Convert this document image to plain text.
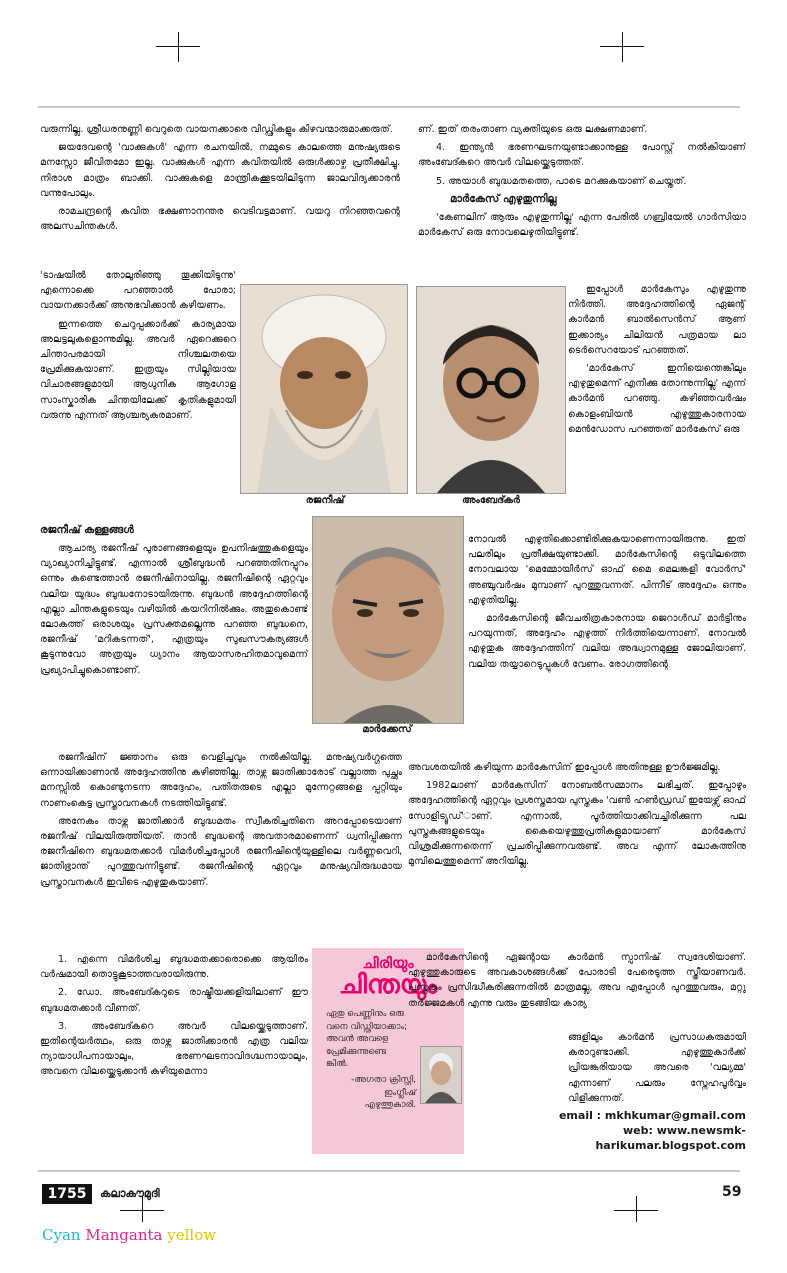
വരുന്നില്ല. ശ്രീധരനുണ്ണി വെറുതെ വായനക്കാരെ വിഡ്ഢികളും കിഴവന്മാരുമാക്കരുത്.

ജയദേവന്റെ 'വാക്കുകൾ' എന്ന രചനയിൽ, നമ്മുടെ കാലത്തെ മനുഷ്യരുടെ മനസ്സോ ജീവിതമോ ഇല്ല. വാക്കുകൾ എന്ന കവിതയിൽ ഒരുൾക്കാഴ്ച പ്രതീക്ഷിച്ചു. നിരാശ മാത്രം ബാക്കി. വാക്കുകളെ മാന്ത്രികക്കൂടയിലിടുന്ന ജാലവിദ്യക്കാരൻ വന്നുപോലും.

രാമചന്ദ്രന്റെ കവിത ഭക്ഷണാനന്തര വെടിവട്ടമാണ്. വയറു നിറഞ്ഞവന്റെ അലസചിന്തകൾ.

'ടാഷയിൽ തോലുരിഞ്ഞു തൂക്കിയിടുന്നു' എന്നൊക്കെ പറഞ്ഞാൽ പോരാ; വായനക്കാർക്ക് അനുഭവിക്കാൻ കഴിയണം.

ഇന്നത്തെ ചെറുപ്പക്കാർക്ക് കാര്യമായ അലട്ടലുകളൊന്നുമില്ല. അവർ ഏറെക്കുറെ ചിന്താപരമായി നിശ്ചലതയെ പ്രേമിക്കുകയാണ്. ഇത്രയും സില്ലിയായ വിചാരങ്ങളുമായി ആധുനിക ആഗോള സാംസ്കാരിക ചിന്തയിലേക്ക് കൃതികളുമായി വരുന്നു എന്നത് ആശ്ചര്യകരമാണ്.

രജനീഷ്	അംബേദ്കർ
രജനീഷ് കള്ളങ്ങൾ

ആചാര്യ രജനീഷ് പുരാണങ്ങളെയും ഉപനിഷത്തുകളെയും വ്യാഖ്യാനിച്ചിട്ടുണ്ട്. എന്നാൽ ശ്രീബുദ്ധൻ പറഞ്ഞതിനപ്പുറം ഒന്നും കണ്ടെത്താൻ രജനീഷിനായില്ല. രജനീഷിന്റെ ഏറ്റവും വലിയ യുദ്ധം ബുദ്ധനോടായിരുന്നു. ബുദ്ധൻ അദ്ദേഹത്തിന്റെ എല്ലാ ചിന്തകളുടെയും വഴിയിൽ കയറിനിൽക്കും. അതുകൊണ്ട് ലോകത്ത് ഒരാശയും പ്രസക്തമല്ലെന്നു പറഞ്ഞ ബുദ്ധനെ, രജനീഷ് 'മറികടന്നത്', എത്രയും സുഖസൗകര്യങ്ങൾ കൂടുന്നുവോ അത്രയും ധ്യാനം ആയാസരഹിതമാവുമെന്ന് പ്രഖ്യാപിച്ചുകൊണ്ടാണ്.

മാർക്കേസ്

രജനീഷിന് ജ്ഞാനം ഒരു വെളിച്ചവും നൽകിയില്ല. മനുഷ്യവർഗ്ഗത്തെ ഒന്നായിക്കാണാൻ അദ്ദേഹത്തിനു കഴിഞ്ഞില്ല. താഴ്ന്ന ജാതിക്കാരോട് വല്ലാത്ത പുച്ഛം മനസ്സിൽ കൊണ്ടുനടന്ന അദ്ദേഹം, പതിതരുടെ എല്ലാ മുന്നേറ്റങ്ങളെ പ്പറ്റിയും നാണംകെട്ട പ്രസ്താവനകൾ നടത്തിയിട്ടുണ്ട്.

അനേകം താഴ്ന്ന ജാതിക്കാർ ബുദ്ധമതം സ്വീകരിച്ചതിനെ അറപ്പോടെയാണ് രജനീഷ് വിലയിരുത്തിയത്. താൻ ബുദ്ധന്റെ അവതാരമാണെന്ന് ധ്വനിപ്പിക്കുന്ന രജനീഷിനെ ബുദ്ധമതക്കാർ വിമർശിച്ചപ്പോൾ രജനീഷിന്റെയുള്ളിലെ വർണ്ണവെറി, ജാതിഭ്രാന്ത് പുറത്തുവന്നിട്ടുണ്ട്. രജനീഷിന്റെ ഏറ്റവും മനുഷ്യവിരുദ്ധമായ പ്രസ്താവനകൾ ഇവിടെ എഴുതുകയാണ്.

1. എന്നെ വിമർശിച്ച ബുദ്ധമതക്കാരൊക്കെ ആയിരം വർഷമായി തൊട്ടുകൂടാത്തവരായിരുന്നു.

2. ഡോ. അംബേദ്കറുടെ രാഷ്ട്രീയക്കളിയിലാണ് ഈ ബുദ്ധമതക്കാർ വീണത്.

3. അംബേദ്കറെ അവർ വിലയ്ക്കെടുത്താണ്. ഇതിന്റെയർത്ഥം, ഒരു താഴ്ന്ന ജാതിക്കാരൻ എത്ര വലിയ ന്യായാധിപനായാലും, ഭരണഘടനാവിദഗ്ദ്ധനായാലും, അവനെ വിലയ്ക്കെടുക്കാൻ കഴിയുമെന്നാ

ചിരിയും
ചിന്തയും
ഏതു പെണ്ണിനും ഒരു
വനെ വിഡ്ഢിയാക്കാം;
അവൻ അവളെ
പ്രേമിക്കുന്നുണ്ടെ
ങ്കിൽ.
-അഗതാ ക്രിസ്റ്റി,
ഇംഗ്ലീഷ്
എഴുത്തുകാരി.

ണ്. ഇത് തരംതാണ വ്യക്തിയുടെ ഒരു ലക്ഷണമാണ്.

4. ഇന്ത്യൻ ഭരണഘടനയുണ്ടാക്കാനുള്ള പോസ്റ്റ് നൽകിയാണ് അംബേദ്കറെ അവർ വിലയ്ക്കെടുത്തത്.

5. അയാൾ ബുദ്ധമതത്തെ, പാടെ മറക്കുകയാണ് ചെയ്തത്.

മാർകേസ് എഴുതുന്നില്ല

'കേണലിന് ആരും എഴുതുന്നില്ല' എന്ന പേരിൽ ഗബ്രിയേൽ ഗാർസിയാ മാർകേസ് ഒരു നോവലെഴുതിയിട്ടുണ്ട്.

ഇപ്പോൾ മാർകേസും എഴുതുന്നു നിർത്തി. അദ്ദേഹത്തിന്റെ ഏജന്റ് കാർമൻ ബാൽസെൻസ് ആണ് ഇക്കാര്യം ചിലിയൻ പത്രമായ ലാ ടെർസെറയോട് പറഞ്ഞത്.

'മാർകേസ് ഇനിയെന്തെങ്കിലും എഴുതുമെന്ന് എനിക്കു തോന്നുന്നില്ല' എന്ന് കാർമൻ പറഞ്ഞു. കഴിഞ്ഞവർഷം കൊളംബിയൻ എഴുത്തുകാരനായ മെൻഡോസ പറഞ്ഞത് മാർകേസ് ഒരു

നോവൽ എഴുതിക്കൊണ്ടിരിക്കുകയാണെന്നായിരുന്നു. ഇത് പലരിലും പ്രതീക്ഷയുണ്ടാക്കി. മാർകേസിന്റെ ഒടുവിലത്തെ നോവലായ 'മെമ്മോയിർസ് ഓഫ് മൈ മെലങ്കളി വോർസ്' അഞ്ചുവർഷം മുമ്പാണ് പുറത്തുവന്നത്. പിന്നീട് അദ്ദേഹം ഒന്നും എഴുതിയില്ല.

മാർകേസിന്റെ ജീവചരിത്രകാരനായ ജെറാൾഡ് മാർട്ടിനും പറയുന്നത്, അദ്ദേഹം എഴുത്ത് നിർത്തിയെന്നാണ്. നോവൽ എഴുതുക അദ്ദേഹത്തിന് വലിയ അദ്ധ്വാനമുള്ള ജോലിയാണ്. വലിയ തയ്യാറെടുപ്പുകൾ വേണം. രോഗത്തിന്റെ

അവശതയിൽ കഴിയുന്ന മാർകേസിന് ഇപ്പോൾ അതിനുള്ള ഊർജ്ജമില്ല.

1982ലാണ് മാർകേസിന് നോബൽസമ്മാനം ലഭിച്ചത്. ഇപ്പോഴും അദ്ദേഹത്തിന്റെ ഏറ്റവും പ്രശസ്തമായ പുസ്തകം 'വൺ ഹൺഡ്രഡ് ഇയേഴ്സ് ഓഫ് സോളിട്യൂഡ്'ാണ്. എന്നാൽ, പൂർത്തിയാക്കിവച്ചിരിക്കുന്ന പല പുസ്തകങ്ങളുടെയും കൈയെഴുത്തുപ്രതികളുമായാണ് മാർകേസ് വിശ്രമിക്കുന്നതെന്ന് പ്രചരിപ്പിക്കുന്നവരുണ്ട്. അവ എന്ന് ലോകത്തിനു മുമ്പിലെത്തുമെന്ന് അറിയില്ല.

മാർകേസിന്റെ ഏജന്റായ കാർമൻ സ്പാനിഷ് സ്വദേശിയാണ്. എഴുത്തുകാരുടെ അവകാശങ്ങൾക്ക് പോരാടി പേരെടുത്ത സ്ത്രീയാണവർ. പുസ്തകം പ്രസിദ്ധീകരിക്കുന്നതിൽ മാത്രമല്ല, അവ എപ്പോൾ പുറത്തുവരും, മറ്റു തർജ്ജമകൾ എന്നു വരും തുടങ്ങിയ കാര്യ

ങ്ങളിലും കാർമൻ പ്രസാധകരുമായി കരാറുണ്ടാക്കി. എഴുത്തുകാർക്ക് പ്രിയങ്കരിയായ അവരെ 'വല്യമ്മ' എന്നാണ് പലരും സ്നേഹപൂർവ്വം വിളിക്കുന്നത്.

email : mkhkumar@gmail.com
web: www.newsmk-
harikumar.blogspot.com
1755	കലാകൗമുദി	59
Cyan Manganta yellow
